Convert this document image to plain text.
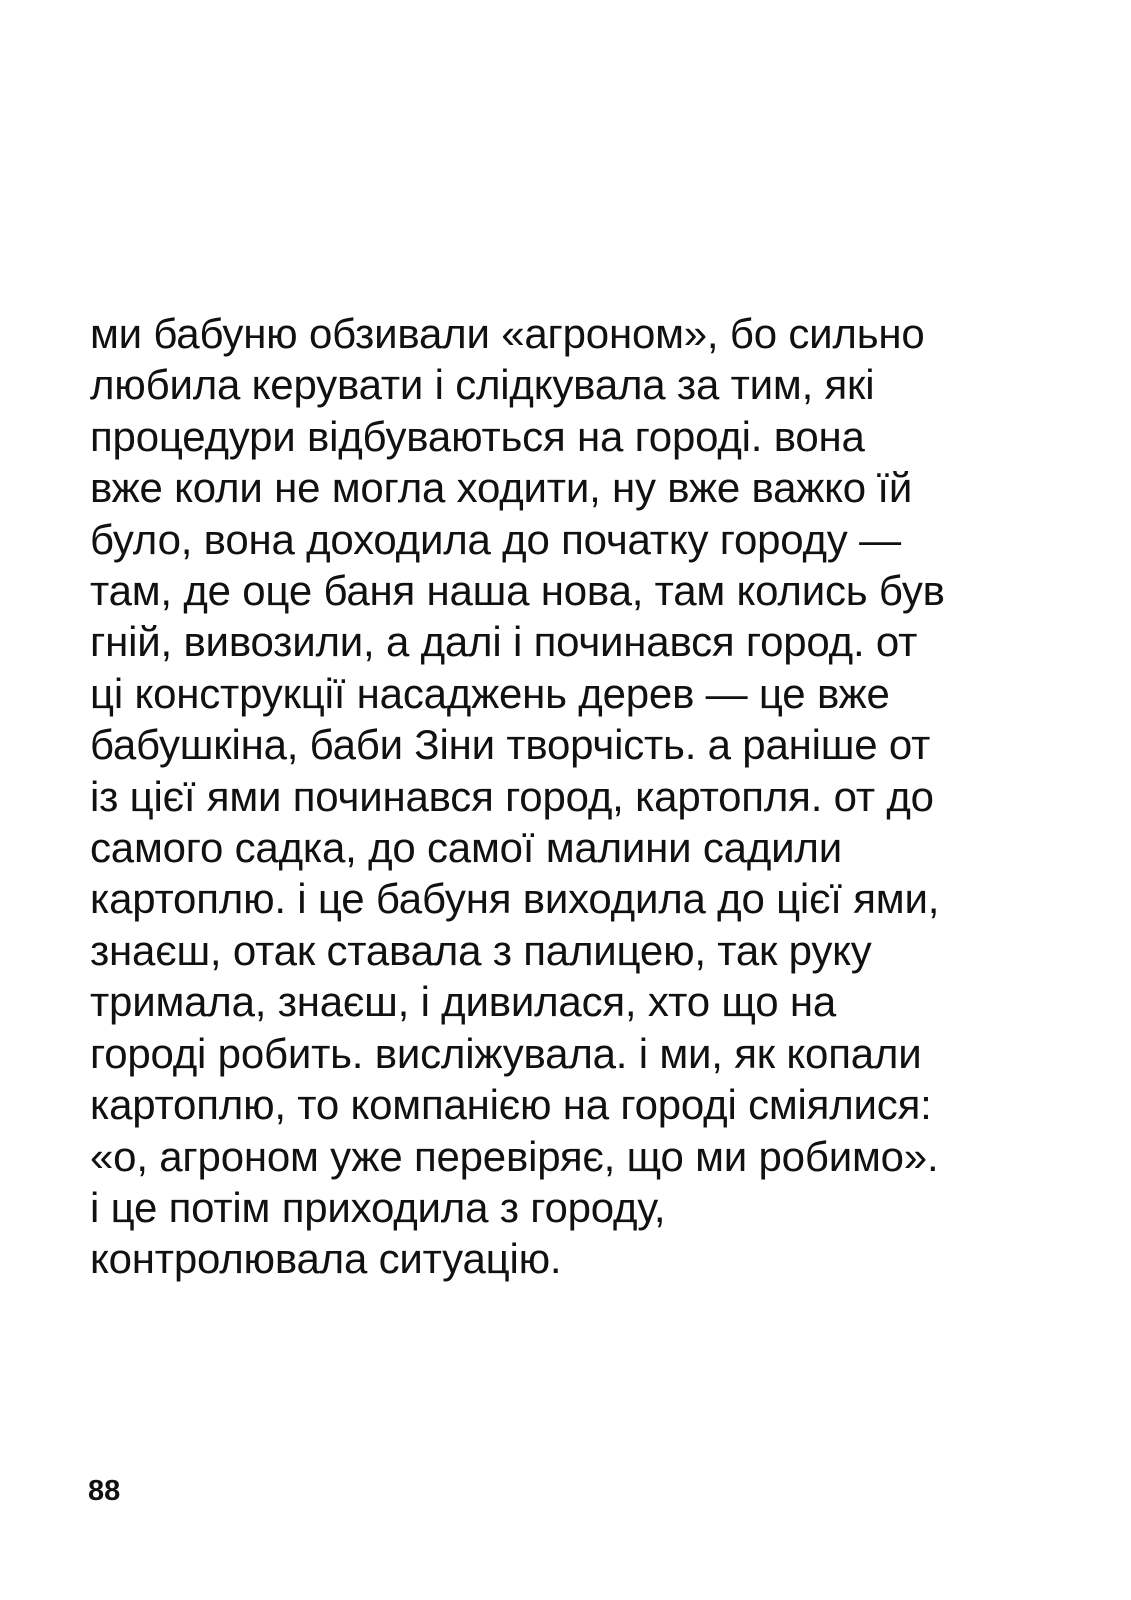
ми бабуню обзивали «агроном», бо сильно
любила керувати і слідкувала за тим, які
процедури відбуваються на городі. вона
вже коли не могла ходити, ну вже важко їй
було, вона доходила до початку городу —
там, де оце баня наша нова, там колись був
гній, вивозили, а далі і починався город. от
ці конструкції насаджень дерев — це вже
бабушкіна, баби Зіни творчість. а раніше от
із цієї ями починався город, картопля. от до
самого садка, до самої малини садили
картоплю. і це бабуня виходила до цієї ями,
знаєш, отак ставала з палицею, так руку
тримала, знаєш, і дивилася, хто що на
городі робить. висліжувала. і ми, як копали
картоплю, то компанією на городі сміялися:
«о, агроном уже перевіряє, що ми робимо».
і це потім приходила з городу,
контролювала ситуацію.
88
